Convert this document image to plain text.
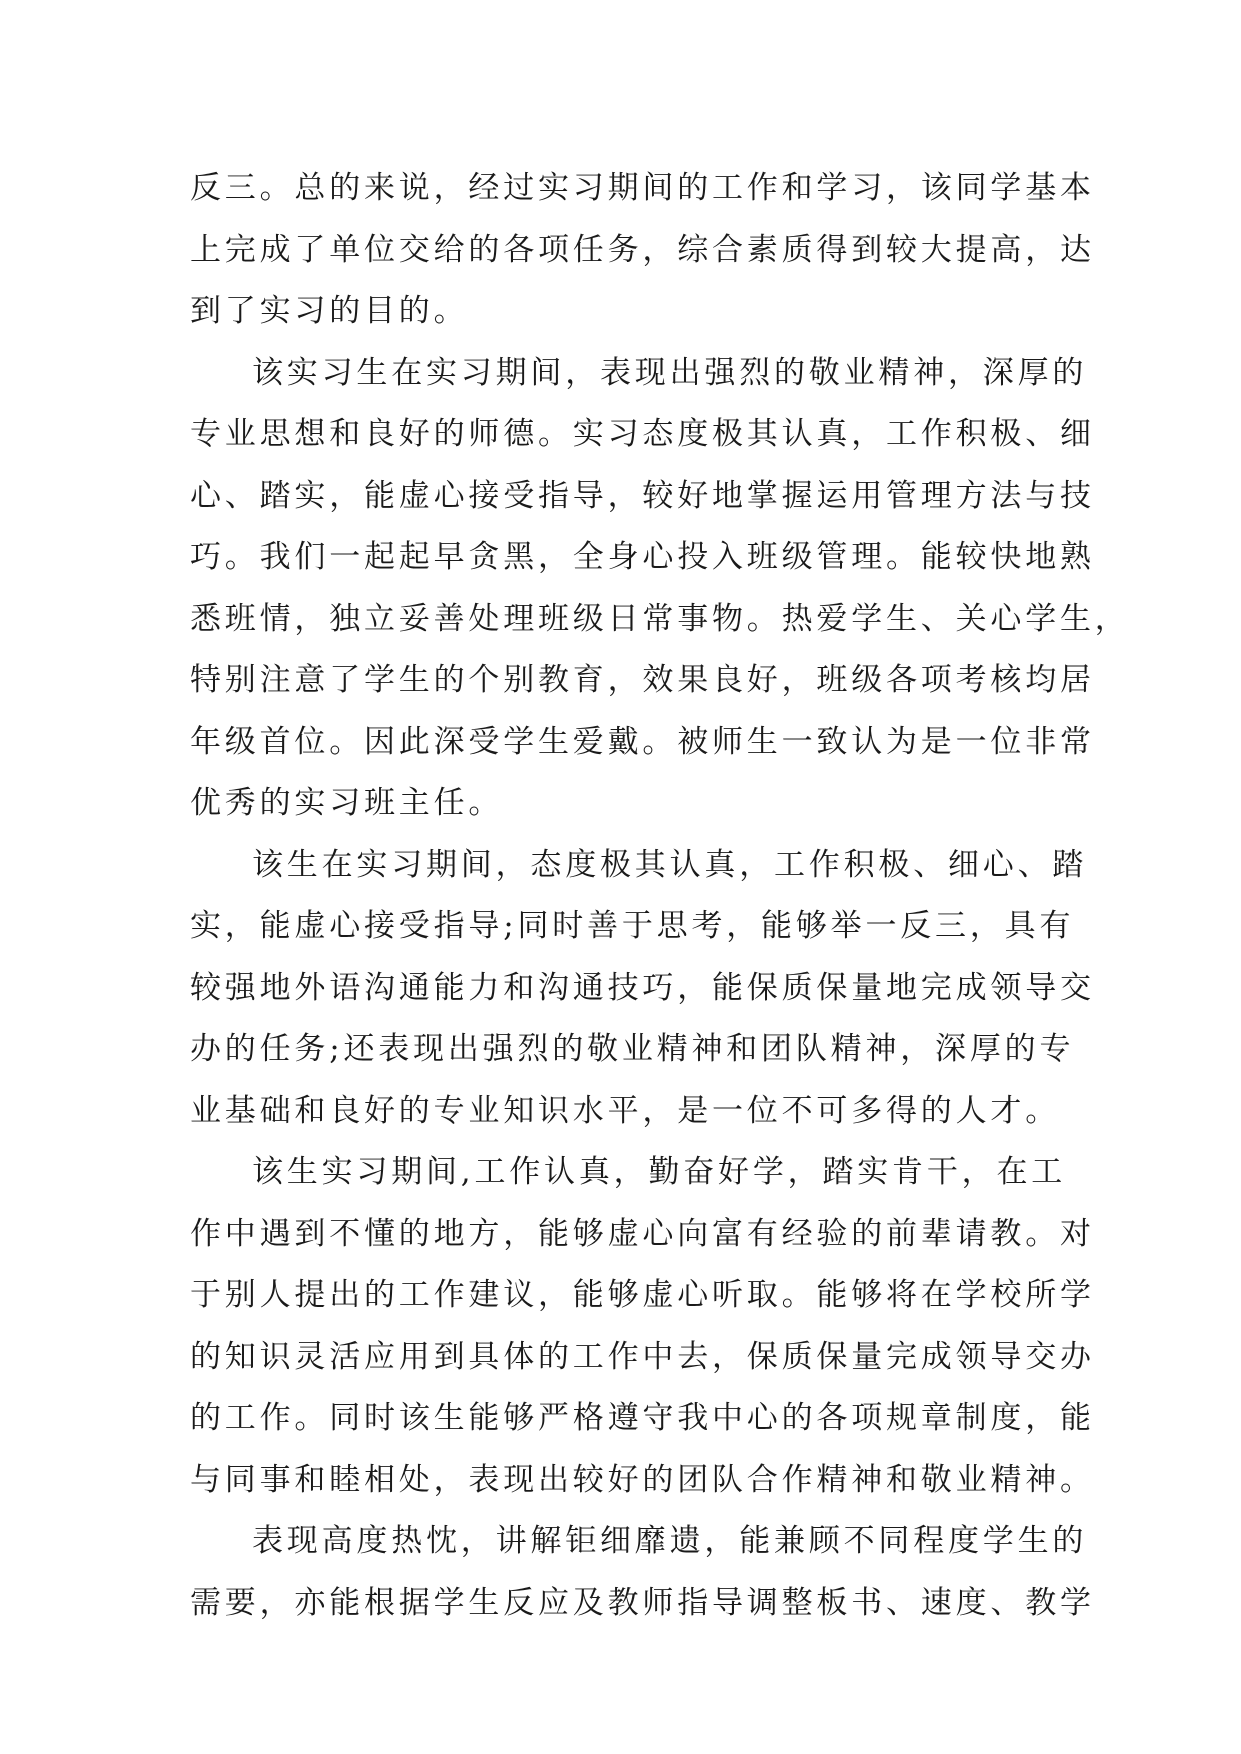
反三。总的来说，经过实习期间的工作和学习，该同学基本
上完成了单位交给的各项任务，综合素质得到较大提高，达
到了实习的目的。
该实习生在实习期间，表现出强烈的敬业精神，深厚的
专业思想和良好的师德。实习态度极其认真，工作积极、细
心、踏实，能虚心接受指导，较好地掌握运用管理方法与技
巧。我们一起起早贪黑，全身心投入班级管理。能较快地熟
悉班情，独立妥善处理班级日常事物。热爱学生、关心学生，
特别注意了学生的个别教育，效果良好，班级各项考核均居
年级首位。因此深受学生爱戴。被师生一致认为是一位非常
优秀的实习班主任。
该生在实习期间，态度极其认真，工作积极、细心、踏
实，能虚心接受指导;同时善于思考，能够举一反三，具有
较强地外语沟通能力和沟通技巧，能保质保量地完成领导交
办的任务;还表现出强烈的敬业精神和团队精神，深厚的专
业基础和良好的专业知识水平，是一位不可多得的人才。
该生实习期间,工作认真，勤奋好学，踏实肯干，在工
作中遇到不懂的地方，能够虚心向富有经验的前辈请教。对
于别人提出的工作建议，能够虚心听取。能够将在学校所学
的知识灵活应用到具体的工作中去，保质保量完成领导交办
的工作。同时该生能够严格遵守我中心的各项规章制度，能
与同事和睦相处，表现出较好的团队合作精神和敬业精神。
表现高度热忱，讲解钜细靡遗，能兼顾不同程度学生的
需要，亦能根据学生反应及教师指导调整板书、速度、教学
